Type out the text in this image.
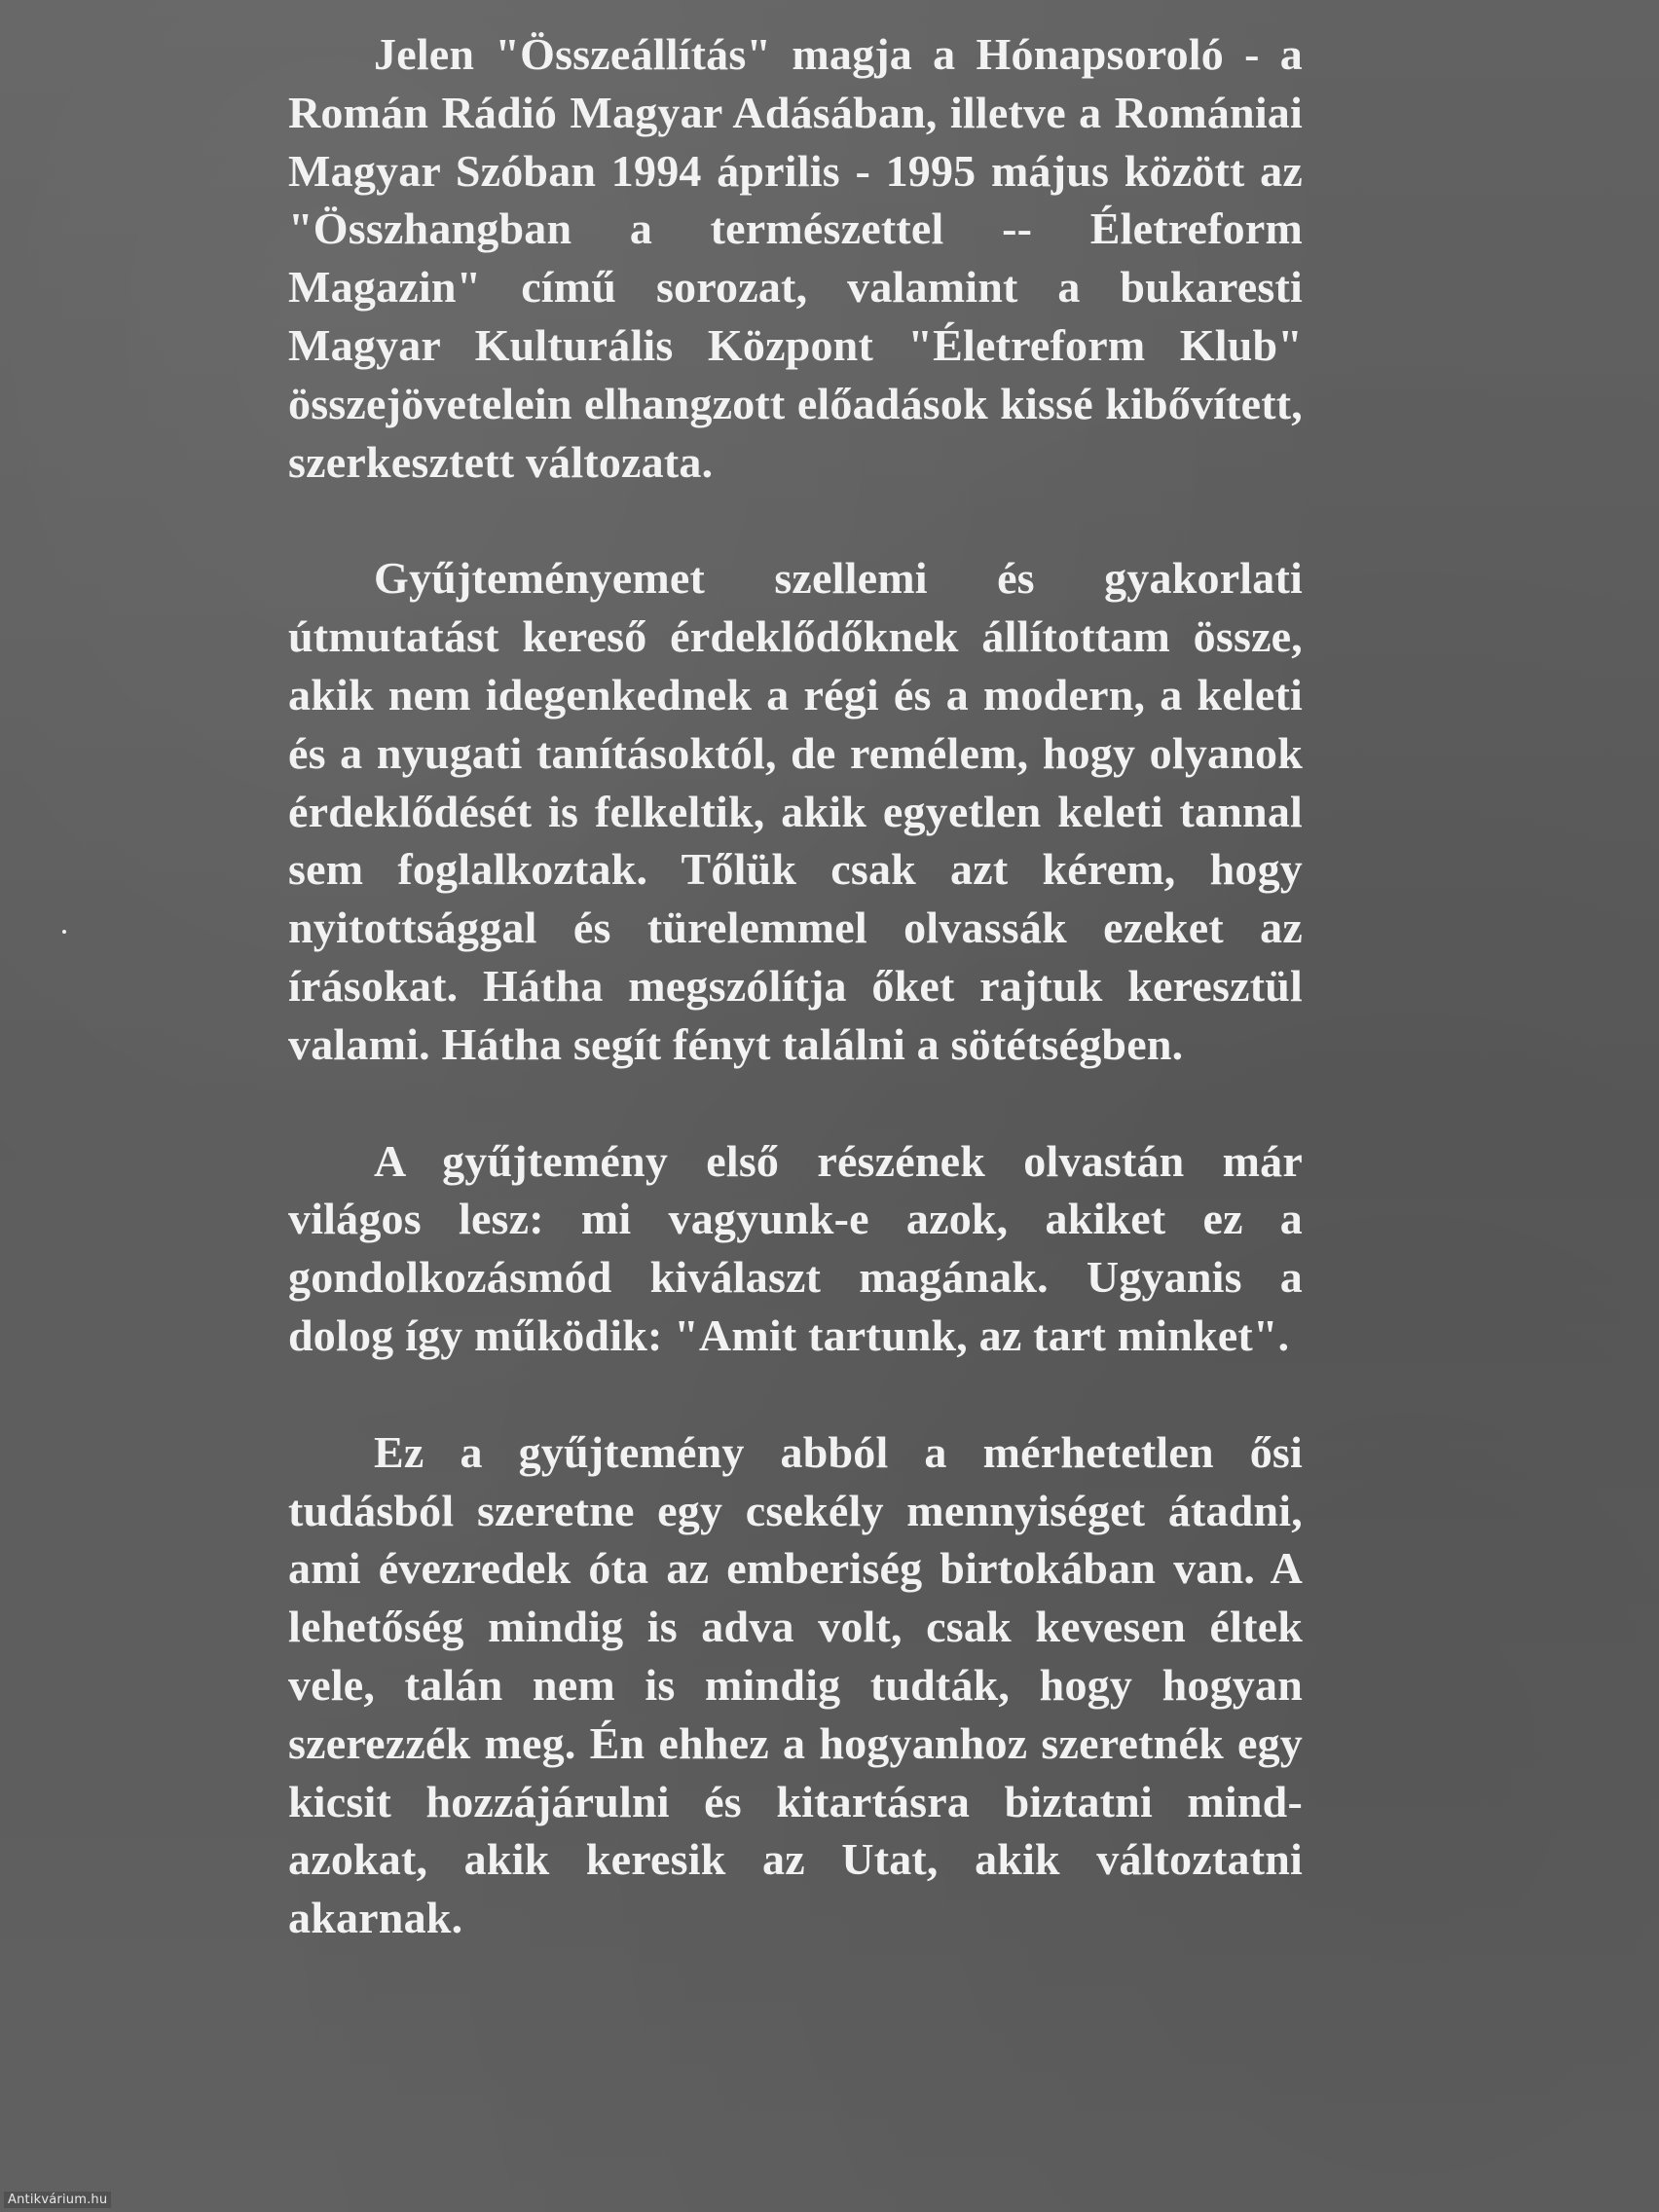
Jelen "Összeállítás" magja a Hónapsoroló - a Román Rádió Magyar Adásában, illetve a Romániai Magyar Szóban 1994 április - 1995 május között az "Összhangban a természettel -- Életreform Magazin" című sorozat, valamint a bukaresti Magyar Kulturális Központ "Életreform Klub" összejövetelein elhangzott előadások kissé kibővített, szerkesztett változata.

Gyűjteményemet szellemi és gyakorlati útmutatást kereső érdeklődőknek állítottam össze, akik nem idegenkednek a régi és a modern, a keleti és a nyugati tanításoktól, de remélem, hogy olyanok érdeklődését is felkeltik, akik egyetlen keleti tannal sem foglalkoztak. Tőlük csak azt kérem, hogy nyitottsággal és türelemmel olvassák ezeket az írásokat. Hátha megszólítja őket rajtuk keresztül valami. Hátha segít fényt találni a sötétségben.

A gyűjtemény első részének olvastán már világos lesz: mi vagyunk-e azok, akiket ez a gondolkozásmód kiválaszt magának. Ugyanis a dolog így működik: "Amit tartunk, az tart minket".

Ez a gyűjtemény abból a mérhetetlen ősi tudásból szeretne egy csekély mennyiséget átadni, ami évezredek óta az emberiség birtokában van. A lehetőség mindig is adva volt, csak kevesen éltek vele, talán nem is mindig tudták, hogy hogyan szerezzék meg. Én ehhez a hogyanhoz szeretnék egy kicsit hozzájárulni és kitartásra biztatni mind-azokat, akik keresik az Utat, akik változtatni akarnak.

Antikvárium.hu
